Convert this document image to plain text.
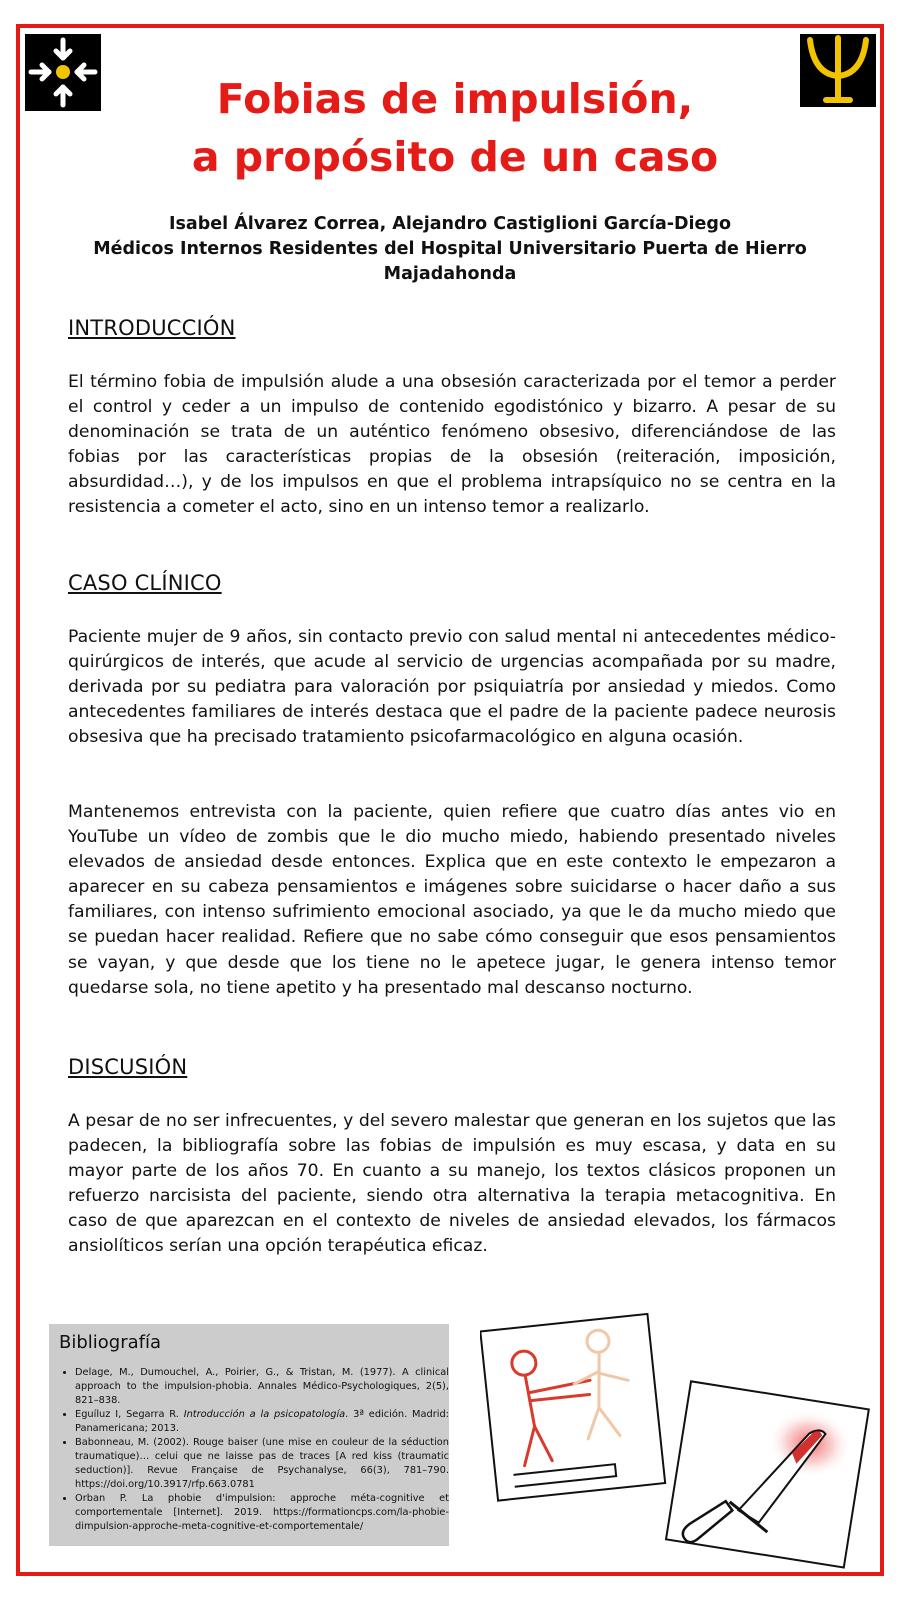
Fobias de impulsión,
a propósito de un caso
Isabel Álvarez Correa, Alejandro Castiglioni García-Diego
Médicos Internos Residentes del Hospital Universitario Puerta de Hierro Majadahonda
INTRODUCCIÓN

El término fobia de impulsión alude a una obsesión caracterizada por el temor a perder el control y ceder a un impulso de contenido egodistónico y bizarro. A pesar de su denominación se trata de un auténtico fenómeno obsesivo, diferenciándose de las fobias por las características propias de la obsesión (reiteración, imposición, absurdidad…), y de los impulsos en que el problema intrapsíquico no se centra en la resistencia a cometer el acto, sino en un intenso temor a realizarlo.

CASO CLÍNICO

Paciente mujer de 9 años, sin contacto previo con salud mental ni antecedentes médico-quirúrgicos de interés, que acude al servicio de urgencias acompañada por su madre, derivada por su pediatra para valoración por psiquiatría por ansiedad y miedos. Como antecedentes familiares de interés destaca que el padre de la paciente padece neurosis obsesiva que ha precisado tratamiento psicofarmacológico en alguna ocasión.

Mantenemos entrevista con la paciente, quien refiere que cuatro días antes vio en YouTube un vídeo de zombis que le dio mucho miedo, habiendo presentado niveles elevados de ansiedad desde entonces. Explica que en este contexto le empezaron a aparecer en su cabeza pensamientos e imágenes sobre suicidarse o hacer daño a sus familiares, con intenso sufrimiento emocional asociado, ya que le da mucho miedo que se puedan hacer realidad. Refiere que no sabe cómo conseguir que esos pensamientos se vayan, y que desde que los tiene no le apetece jugar, le genera intenso temor quedarse sola, no tiene apetito y ha presentado mal descanso nocturno.

DISCUSIÓN

A pesar de no ser infrecuentes, y del severo malestar que generan en los sujetos que las padecen, la bibliografía sobre las fobias de impulsión es muy escasa, y data en su mayor parte de los años 70. En cuanto a su manejo, los textos clásicos proponen un refuerzo narcisista del paciente, siendo otra alternativa la terapia metacognitiva. En caso de que aparezcan en el contexto de niveles de ansiedad elevados, los fármacos ansiolíticos serían una opción terapéutica eficaz.

Bibliografía
• Delage, M., Dumouchel, A., Poirier, G., & Tristan, M. (1977). A clinical approach to the impulsion-phobia. Annales Médico-Psychologiques, 2(5), 821–838.
• Eguíluz I, Segarra R. Introducción a la psicopatología. 3ª edición. Madrid: Panamericana; 2013.
• Babonneau, M. (2002). Rouge baiser (une mise en couleur de la séduction traumatique)… celui que ne laisse pas de traces [A red kiss (traumatic seduction)]. Revue Française de Psychanalyse, 66(3), 781–790. https://doi.org/10.3917/rfp.663.0781
• Orban P. La phobie d'impulsion: approche méta-cognitive et comportementale [Internet]. 2019. https://formationcps.com/la-phobie-dimpulsion-approche-meta-cognitive-et-comportementale/
